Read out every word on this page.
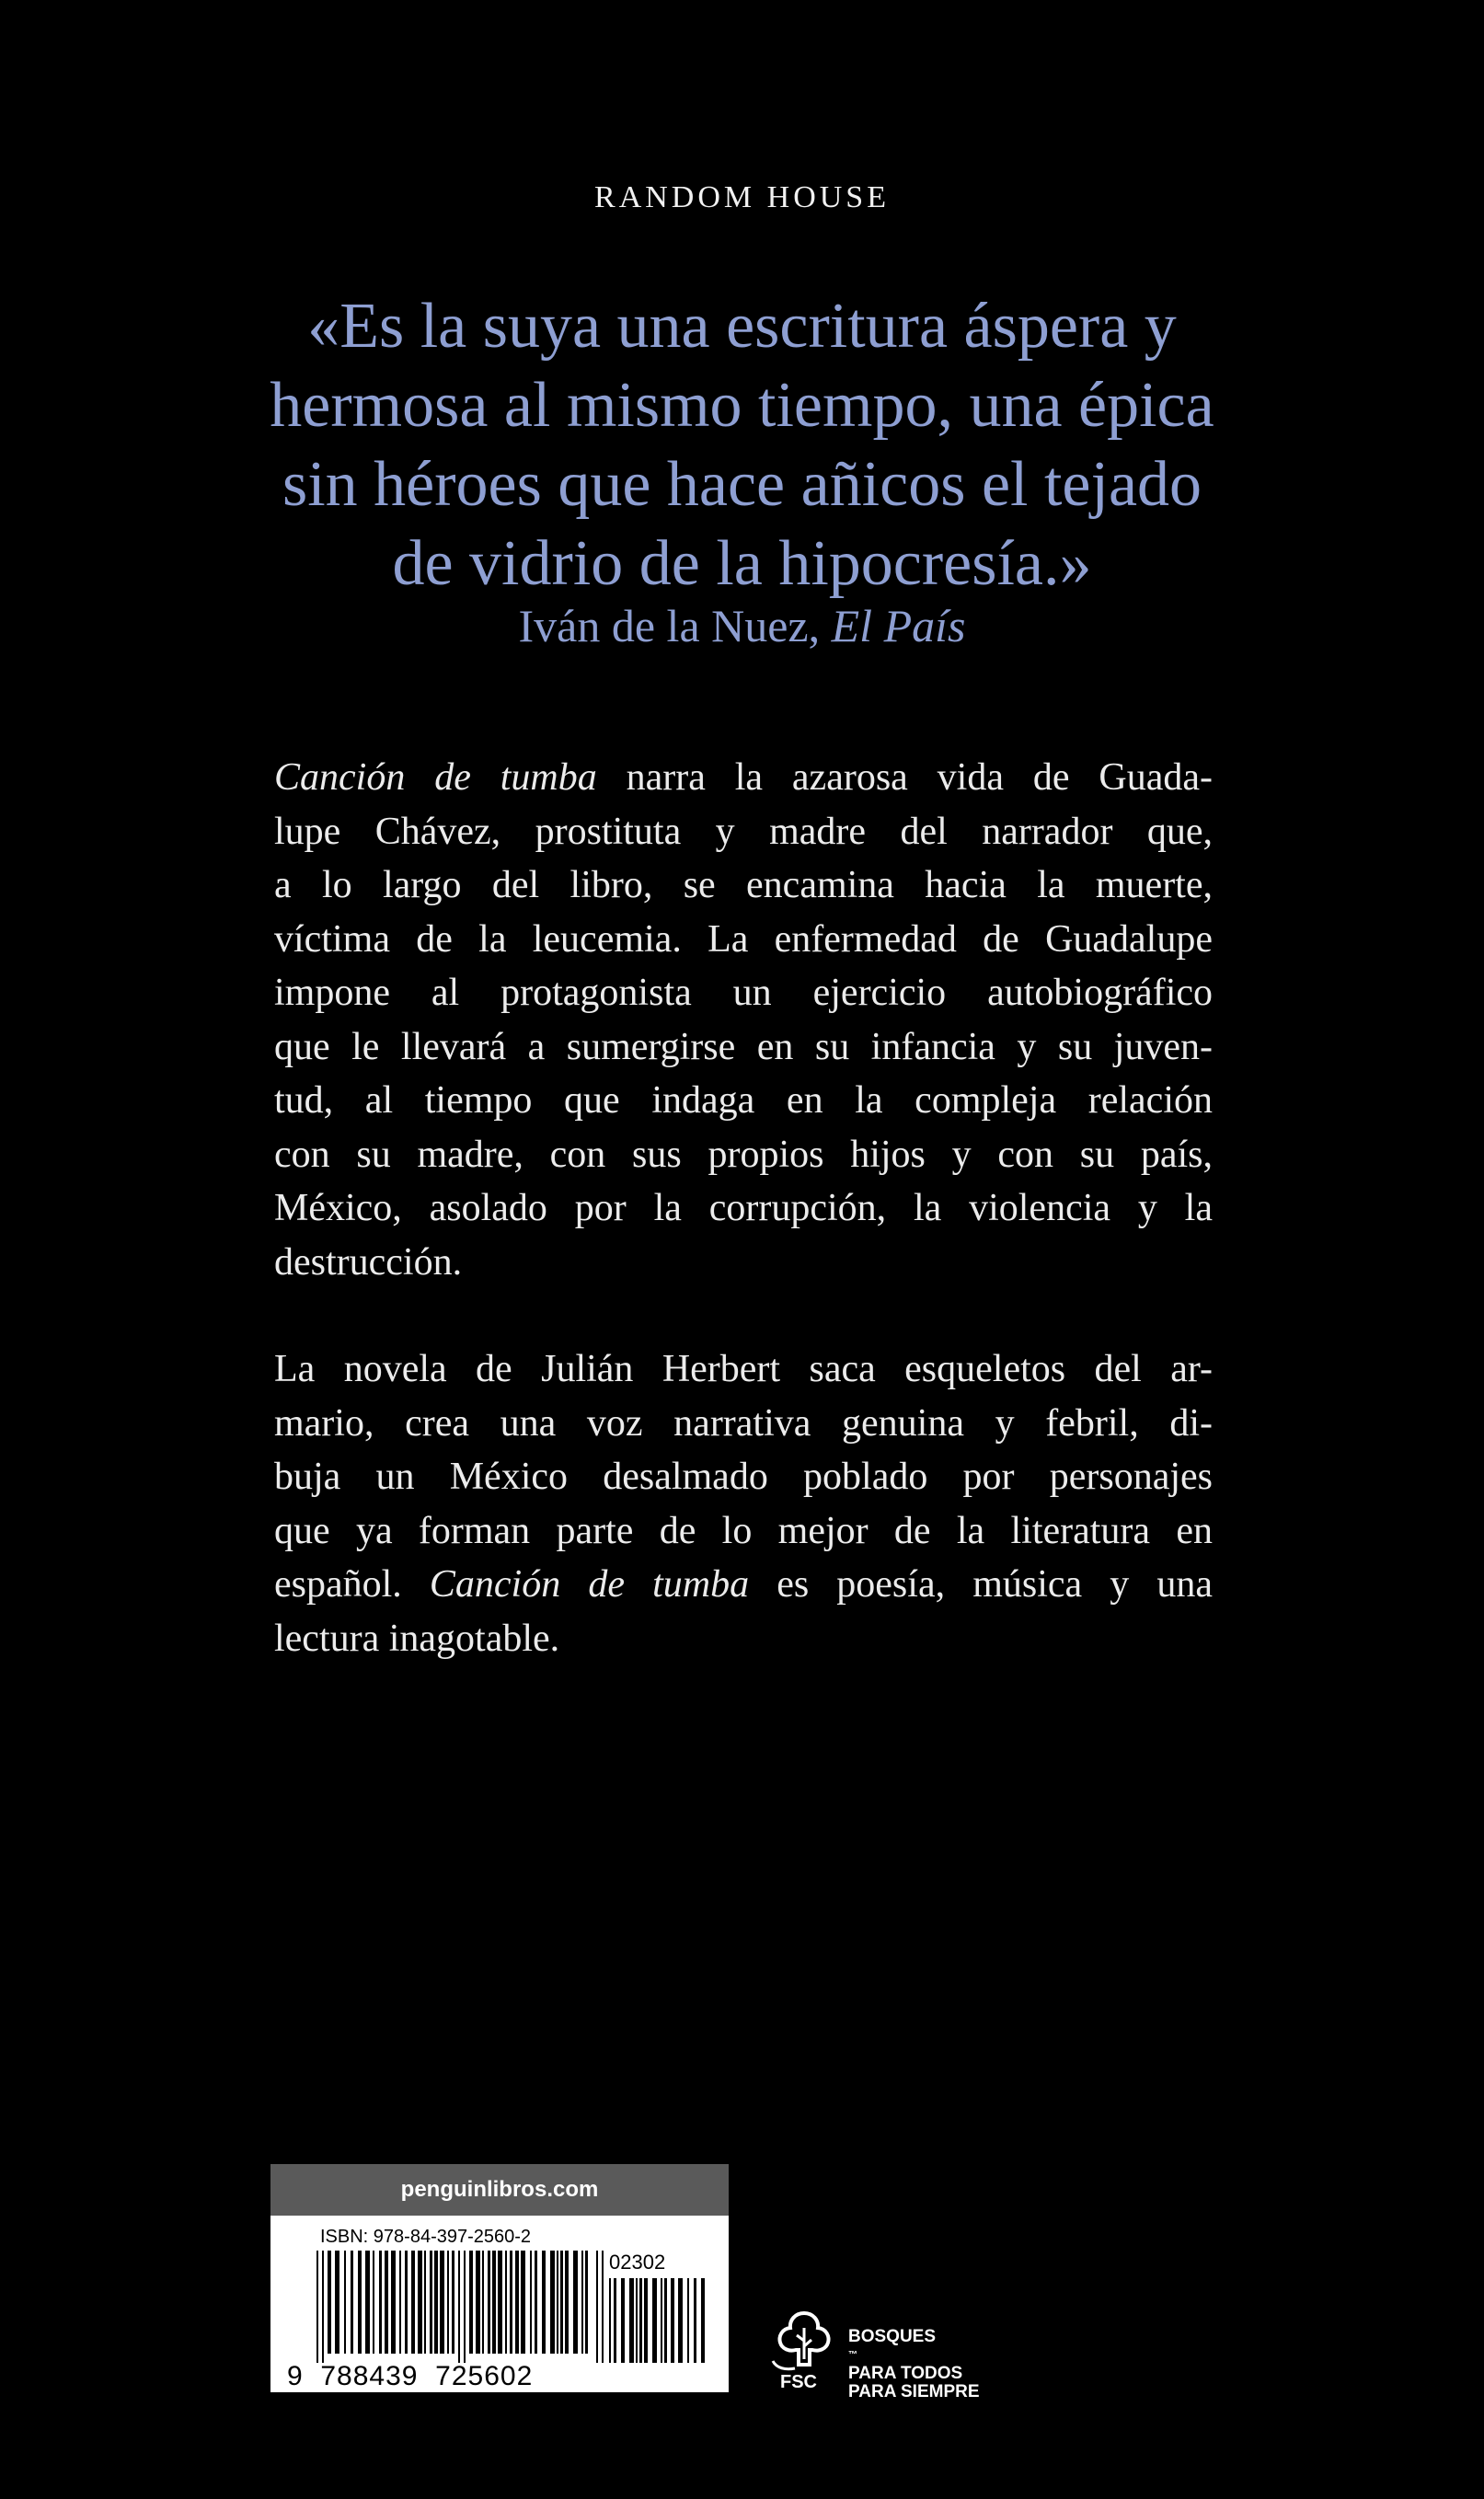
RANDOM HOUSE
«Es la suya una escritura áspera y
hermosa al mismo tiempo, una épica
sin héroes que hace añicos el tejado
de vidrio de la hipocresía.»
Iván de la Nuez, El País
Canción de tumba narra la azarosa vida de Guada-
lupe Chávez, prostituta y madre del narrador que,
a lo largo del libro, se encamina hacia la muerte,
víctima de la leucemia. La enfermedad de Guadalupe
impone al protagonista un ejercicio autobiográfico
que le llevará a sumergirse en su infancia y su juven-
tud, al tiempo que indaga en la compleja relación
con su madre, con sus propios hijos y con su país,
México, asolado por la corrupción, la violencia y la
destrucción.
La novela de Julián Herbert saca esqueletos del ar-
mario, crea una voz narrativa genuina y febril, di-
buja un México desalmado poblado por personajes
que ya forman parte de lo mejor de la literatura en
español. Canción de tumba es poesía, música y una
lectura inagotable.
penguinlibros.com
ISBN: 978-84-397-2560-2
02302
9 788439 725602	FSC
BOSQUES
™
PARA TODOS
PARA SIEMPRE
